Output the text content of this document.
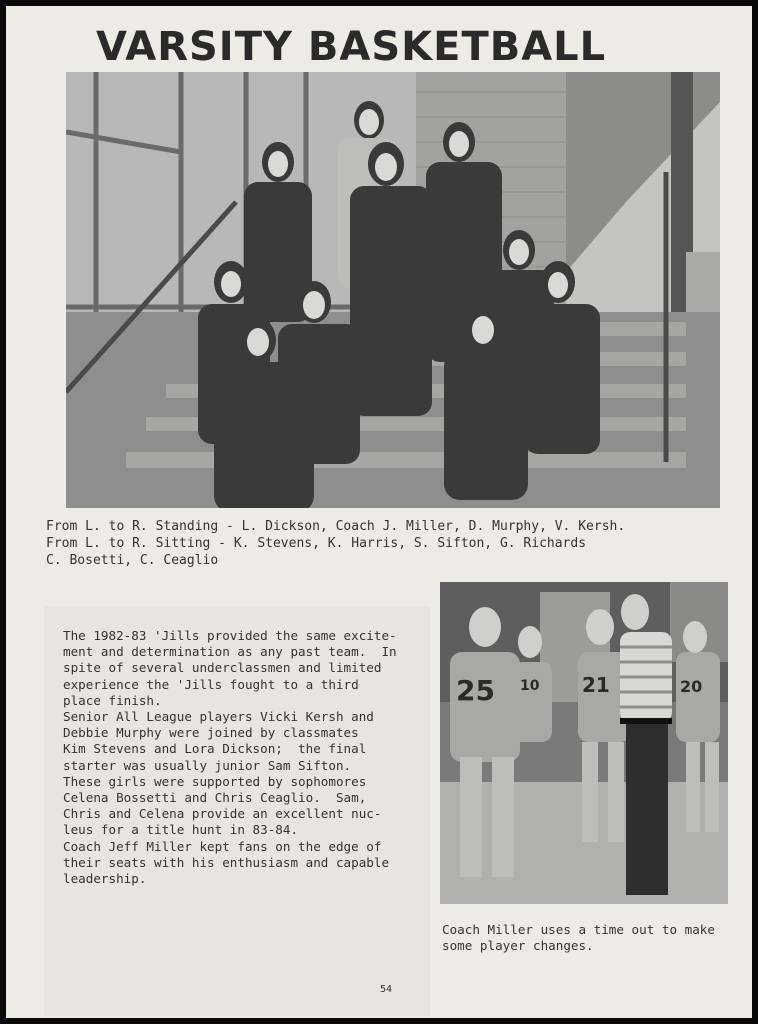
VARSITY BASKETBALL
From L. to R. Standing - L. Dickson, Coach J. Miller, D. Murphy, V. Kersh.
From L. to R. Sitting - K. Stevens, K. Harris, S. Sifton, G. Richards
C. Bosetti, C. Ceaglio
The 1982-83 'Jills provided the same excite-
ment and determination as any past team.  In
spite of several underclassmen and limited
experience the 'Jills fought to a third
place finish.
Senior All League players Vicki Kersh and
Debbie Murphy were joined by classmates
Kim Stevens and Lora Dickson;  the final
starter was usually junior Sam Sifton.
These girls were supported by sophomores
Celena Bossetti and Chris Ceaglio.  Sam,
Chris and Celena provide an excellent nuc-
leus for a title hunt in 83-84.
Coach Jeff Miller kept fans on the edge of
their seats with his enthusiasm and capable
leadership.
25	21	20
10
Coach Miller uses a time out to make
some player changes.
54
